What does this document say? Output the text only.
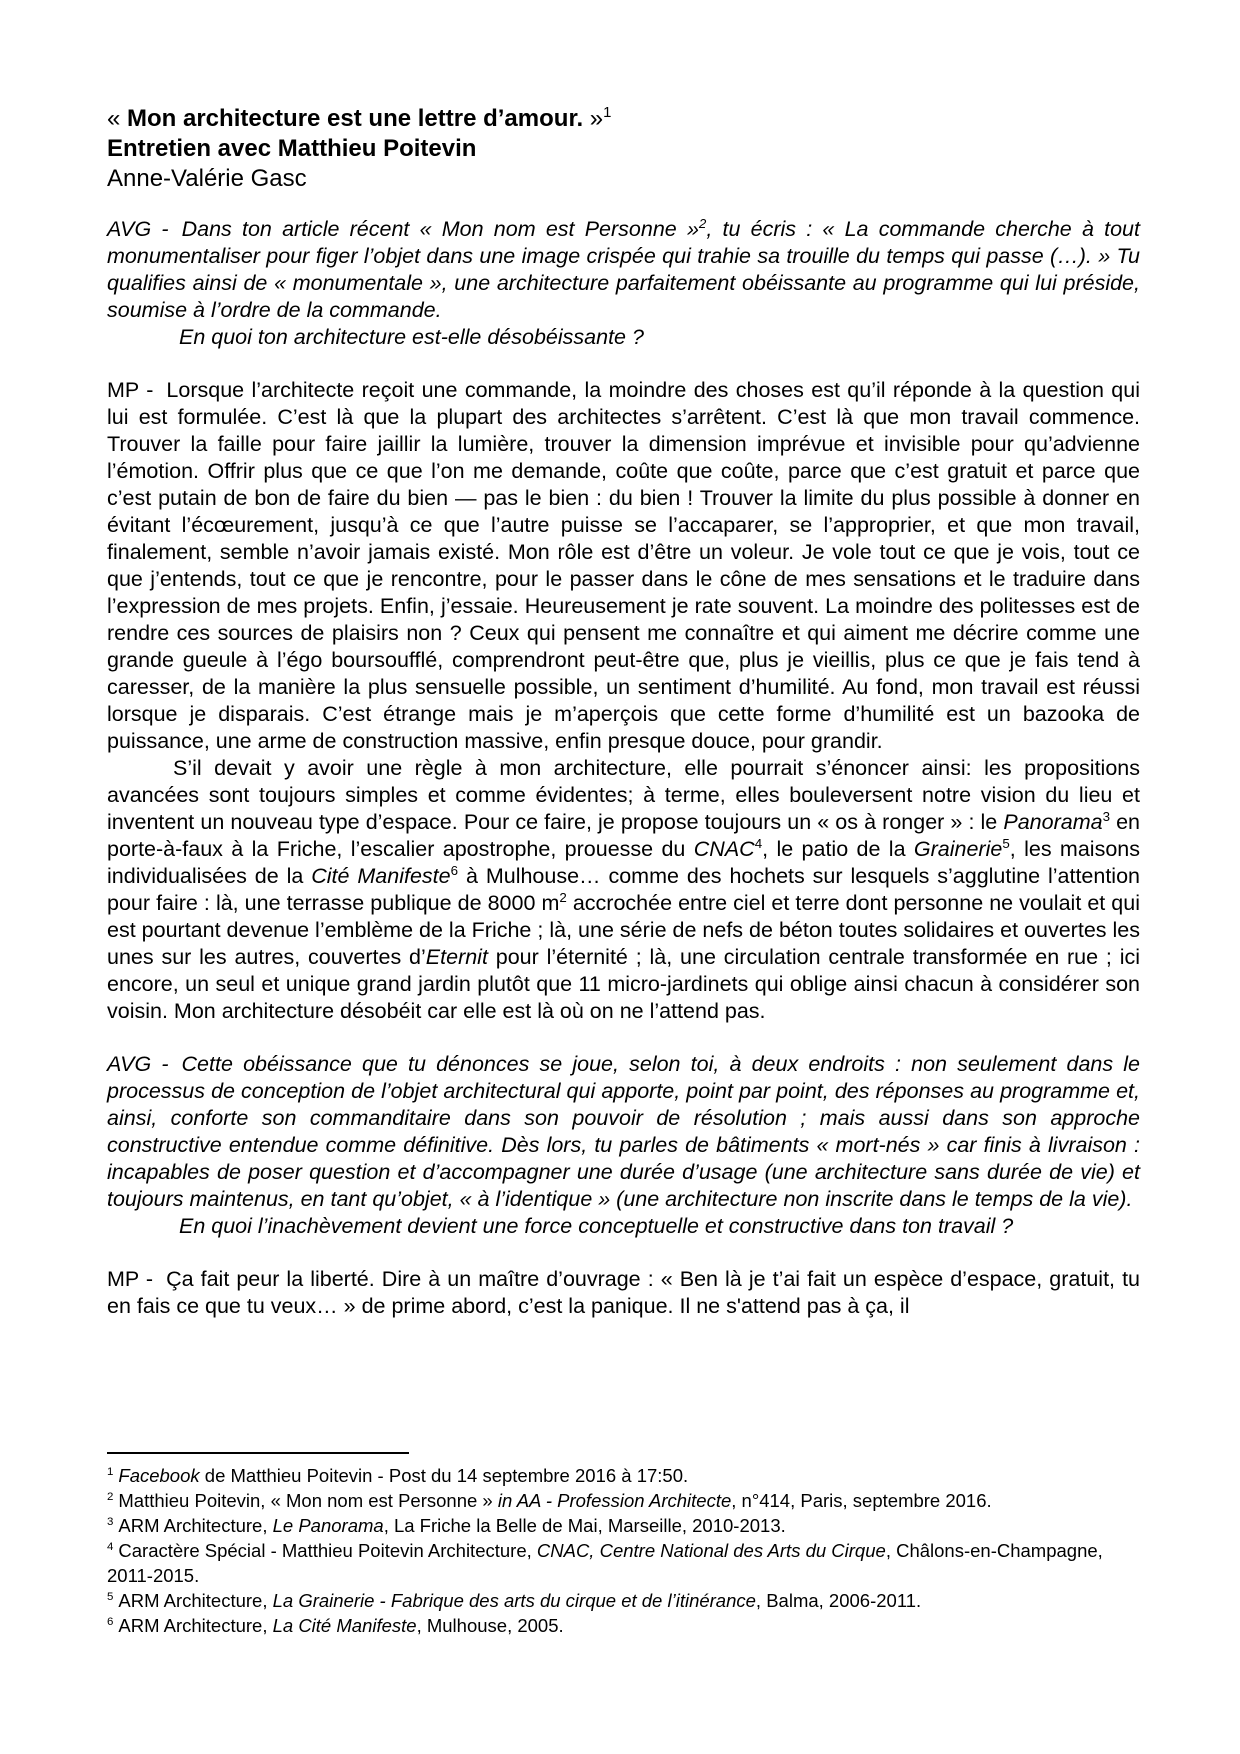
« Mon architecture est une lettre d’amour. »$^1$

Entretien avec Matthieu Poitevin

Anne-Valérie Gasc

AVG - Dans ton article récent « Mon nom est Personne »$^2$, tu écris : « La commande cherche à tout monumentaliser pour figer l’objet dans une image crispée qui trahie sa trouille du temps qui passe (…). » Tu qualifies ainsi de « monumentale », une architecture parfaitement obéissante au programme qui lui préside, soumise à l’ordre de la commande.

En quoi ton architecture est-elle désobéissante ?

MP - Lorsque l’architecte reçoit une commande, la moindre des choses est qu’il réponde à la question qui lui est formulée. C’est là que la plupart des architectes s’arrêtent. C’est là que mon travail commence. Trouver la faille pour faire jaillir la lumière, trouver la dimension imprévue et invisible pour qu’advienne l’émotion. Offrir plus que ce que l’on me demande, coûte que coûte, parce que c’est gratuit et parce que c’est putain de bon de faire du bien — pas le bien : du bien ! Trouver la limite du plus possible à donner en évitant l’écœurement, jusqu’à ce que l’autre puisse se l’accaparer, se l’approprier, et que mon travail, finalement, semble n’avoir jamais existé. Mon rôle est d’être un voleur. Je vole tout ce que je vois, tout ce que j’entends, tout ce que je rencontre, pour le passer dans le cône de mes sensations et le traduire dans l’expression de mes projets. Enfin, j’essaie. Heureusement je rate souvent. La moindre des politesses est de rendre ces sources de plaisirs non ? Ceux qui pensent me connaître et qui aiment me décrire comme une grande gueule à l’égo boursoufflé, comprendront peut-être que, plus je vieillis, plus ce que je fais tend à caresser, de la manière la plus sensuelle possible, un sentiment d’humilité. Au fond, mon travail est réussi lorsque je disparais. C’est étrange mais je m’aperçois que cette forme d’humilité est un bazooka de puissance, une arme de construction massive, enfin presque douce, pour grandir.

S’il devait y avoir une règle à mon architecture, elle pourrait s’énoncer ainsi: les propositions avancées sont toujours simples et comme évidentes; à terme, elles bouleversent notre vision du lieu et inventent un nouveau type d’espace. Pour ce faire, je propose toujours un « os à ronger » : le Panorama$^3$ en porte-à-faux à la Friche, l’escalier apostrophe, prouesse du CNAC$^4$, le patio de la Grainerie$^5$, les maisons individualisées de la Cité Manifeste$^6$ à Mulhouse… comme des hochets sur lesquels s’agglutine l’attention pour faire : là, une terrasse publique de 8000 $m^2$ accrochée entre ciel et terre dont personne ne voulait et qui est pourtant devenue l’emblème de la Friche ; là, une série de nefs de béton toutes solidaires et ouvertes les unes sur les autres, couvertes d’Eternit pour l’éternité ; là, une circulation centrale transformée en rue ; ici encore, un seul et unique grand jardin plutôt que 11 micro-jardinets qui oblige ainsi chacun à considérer son voisin. Mon architecture désobéit car elle est là où on ne l’attend pas.

AVG - Cette obéissance que tu dénonces se joue, selon toi, à deux endroits : non seulement dans le processus de conception de l’objet architectural qui apporte, point par point, des réponses au programme et, ainsi, conforte son commanditaire dans son pouvoir de résolution ; mais aussi dans son approche constructive entendue comme définitive. Dès lors, tu parles de bâtiments « mort-nés » car finis à livraison : incapables de poser question et d’accompagner une durée d’usage (une architecture sans durée de vie) et toujours maintenus, en tant qu’objet, « à l’identique » (une architecture non inscrite dans le temps de la vie).

En quoi l’inachèvement devient une force conceptuelle et constructive dans ton travail ?

MP - Ça fait peur la liberté. Dire à un maître d’ouvrage : « Ben là je t’ai fait un espèce d’espace, gratuit, tu en fais ce que tu veux… » de prime abord, c’est la panique. Il ne s'attend pas à ça, il

$^1$ Facebook de Matthieu Poitevin - Post du 14 septembre 2016 à 17:50.

$^2$ Matthieu Poitevin, « Mon nom est Personne » in AA - Profession Architecte, n°414, Paris, septembre 2016.

$^3$ ARM Architecture, Le Panorama, La Friche la Belle de Mai, Marseille, 2010-2013.

$^4$ Caractère Spécial - Matthieu Poitevin Architecture, CNAC, Centre National des Arts du Cirque, Châlons-en-Champagne, 2011-2015.

$^5$ ARM Architecture, La Grainerie - Fabrique des arts du cirque et de l’itinérance, Balma, 2006-2011.

$^6$ ARM Architecture, La Cité Manifeste, Mulhouse, 2005.
